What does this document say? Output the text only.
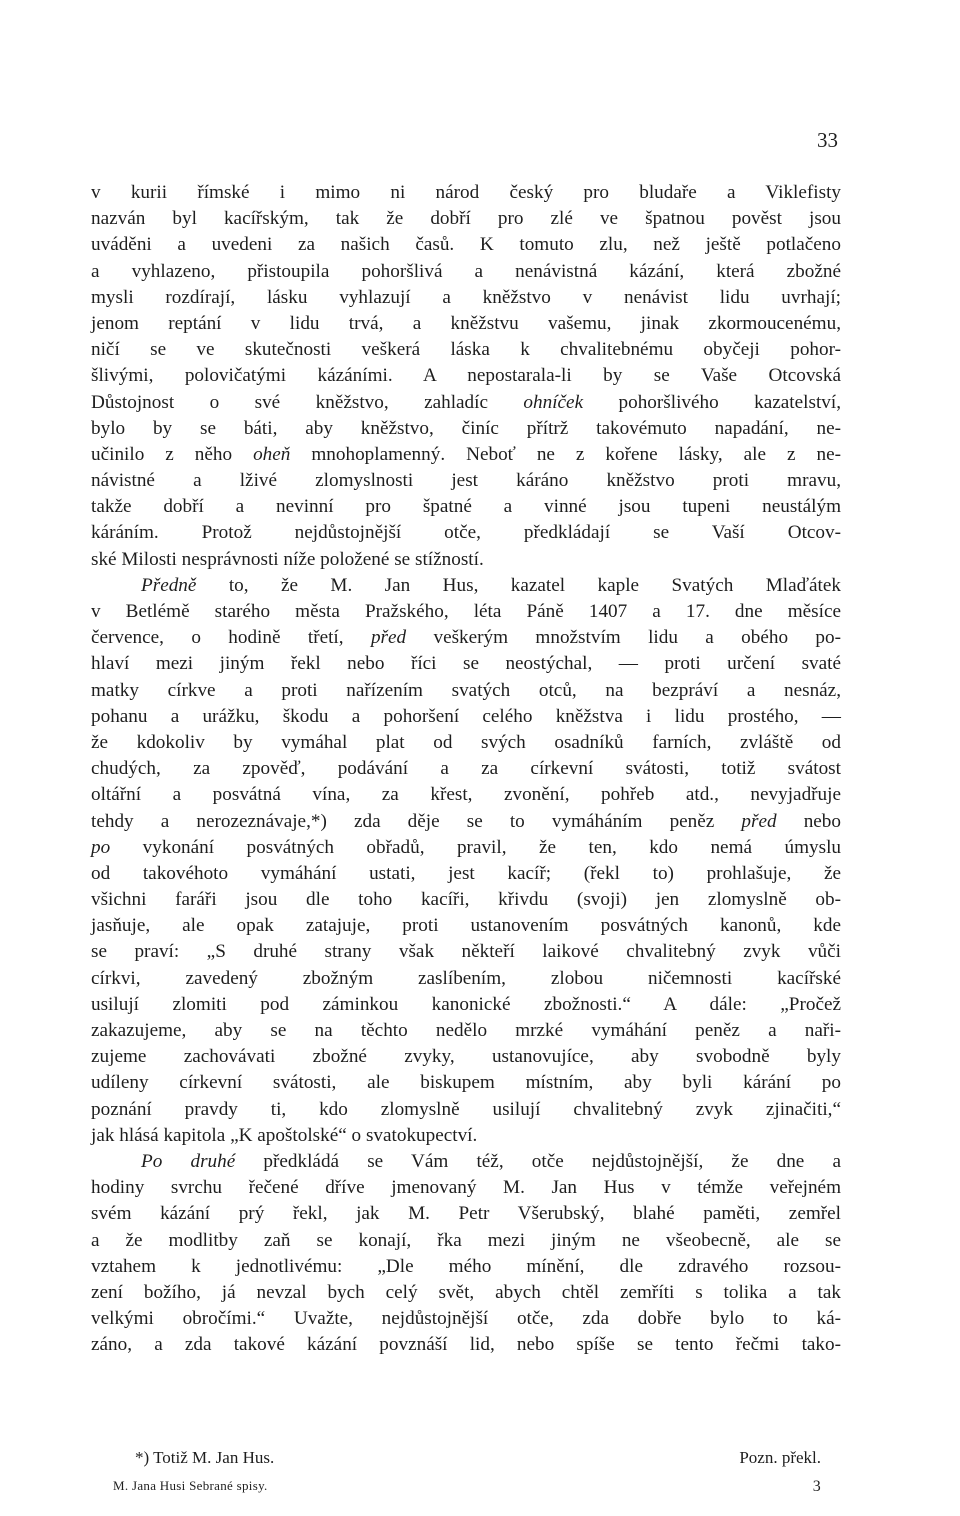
33
v kurii římské i mimo ni národ český pro bludaře a Viklefisty
nazván byl kacířským, tak že dobří pro zlé ve špatnou pověst jsou
uváděni a uvedeni za našich časů. K tomuto zlu, než ještě potlačeno
a vyhlazeno, přistoupila pohoršlivá a nenávistná kázání, která zbožné
mysli rozdírají, lásku vyhlazují a kněžstvo v nenávist lidu uvrhají;
jenom reptání v lidu trvá, a kněžstvu vašemu, jinak zkormoucenému,
ničí se ve skutečnosti veškerá láska k chvalitebnému obyčeji pohor-
šlivými, polovičatými kázáními. A nepostarala-li by se Vaše Otcovská
Důstojnost o své kněžstvo, zahladíc ohníček pohoršlivého kazatelství,
bylo by se báti, aby kněžstvo, činíc přítrž takovémuto napadání, ne-
učinilo z něho oheň mnohoplamenný. Neboť ne z kořene lásky, ale z ne-
návistné a lživé zlomyslnosti jest káráno kněžstvo proti mravu,
takže dobří a nevinní pro špatné a vinné jsou tupeni neustálým
káráním. Protož nejdůstojnější otče, předkládají se Vaší Otcov-
ské Milosti nesprávnosti níže položené se stížností.
Předně to, že M. Jan Hus, kazatel kaple Svatých Mlaďátek
v Betlémě starého města Pražského, léta Páně 1407 a 17. dne měsíce
července, o hodině třetí, před veškerým množstvím lidu a obého po-
hlaví mezi jiným řekl nebo říci se neostýchal, — proti určení svaté
matky církve a proti nařízením svatých otců, na bezpráví a nesnáz,
pohanu a urážku, škodu a pohoršení celého kněžstva i lidu prostého, —
že kdokoliv by vymáhal plat od svých osadníků farních, zvláště od
chudých, za zpověď, podávání a za církevní svátosti, totiž svátost
oltářní a posvátná vína, za křest, zvonění, pohřeb atd., nevyjadřuje
tehdy a nerozeznávaje,*) zda děje se to vymáháním peněz před nebo
po vykonání posvátných obřadů, pravil, že ten, kdo nemá úmyslu
od takovéhoto vymáhání ustati, jest kacíř; (řekl to) prohlašuje, že
všichni faráři jsou dle toho kacíři, křivdu (svoji) jen zlomyslně ob-
jasňuje, ale opak zatajuje, proti ustanovením posvátných kanonů, kde
se praví: „S druhé strany však někteří laikové chvalitebný zvyk vůči
církvi, zavedený zbožným zaslíbením, zlobou ničemnosti kacířské
usilují zlomiti pod záminkou kanonické zbožnosti.“ A dále: „Pročež
zakazujeme, aby se na těchto nedělo mrzké vymáhání peněz a naři-
zujeme zachovávati zbožné zvyky, ustanovujíce, aby svobodně byly
udíleny církevní svátosti, ale biskupem místním, aby byli kárání po
poznání pravdy ti, kdo zlomyslně usilují chvalitebný zvyk zjinačiti,“
jak hlásá kapitola „K apoštolské“ o svatokupectví.
Po druhé předkládá se Vám též, otče nejdůstojnější, že dne a
hodiny svrchu řečené dříve jmenovaný M. Jan Hus v témže veřejném
svém kázání prý řekl, jak M. Petr Všerubský, blahé paměti, zemřel
a že modlitby zaň se konají, řka mezi jiným ne všeobecně, ale se
vztahem k jednotlivému: „Dle mého mínění, dle zdravého rozsou-
zení božího, já nevzal bych celý svět, abych chtěl zemříti s tolika a tak
velkými obročími.“ Uvažte, nejdůstojnější otče, zda dobře bylo to ká-
záno, a zda takové kázání povznáší lid, nebo spíše se tento řečmi tako-
*) Totiž M. Jan Hus.	Pozn. překl.
M. Jana Husi Sebrané spisy.	3
